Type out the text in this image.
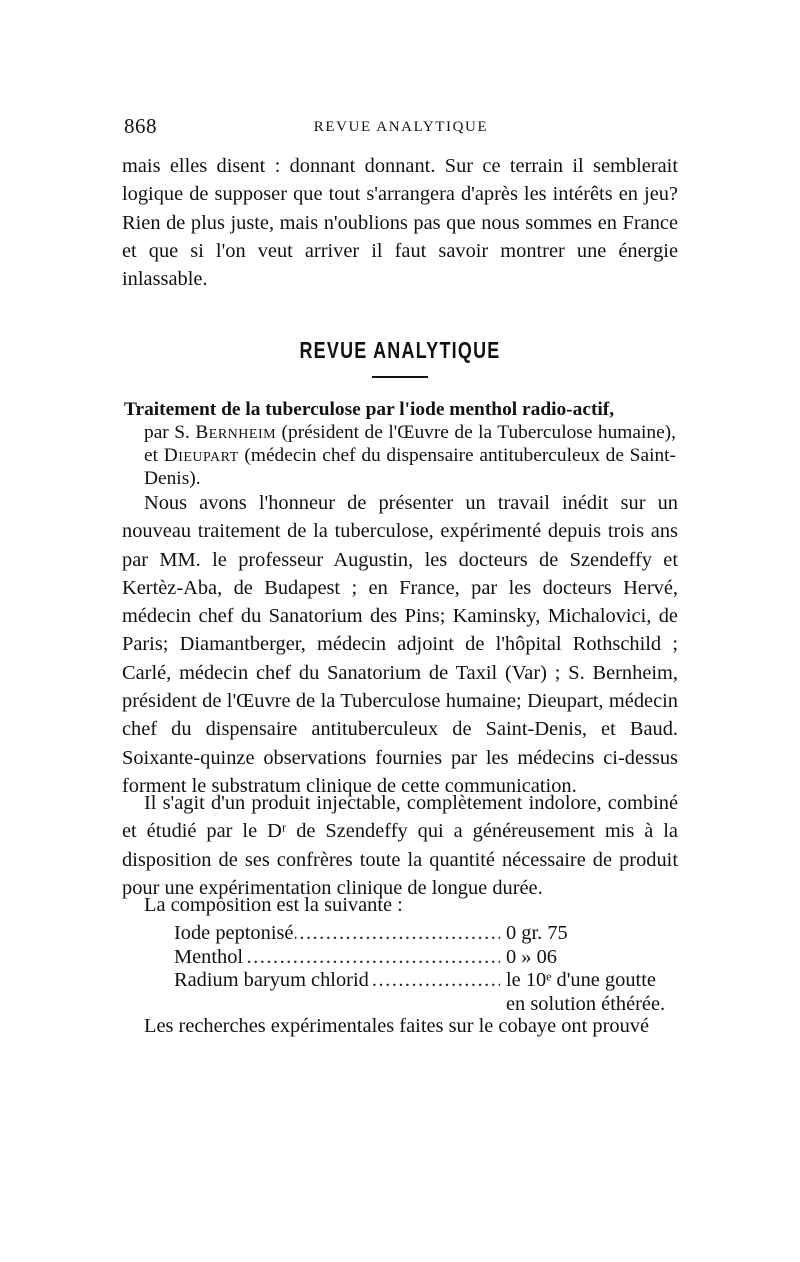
868	REVUE ANALYTIQUE

mais elles disent : donnant donnant. Sur ce terrain il semblerait logique de supposer que tout s'arrangera d'après les intérêts en jeu? Rien de plus juste, mais n'oublions pas que nous sommes en France et que si l'on veut arriver il faut savoir montrer une énergie inlassable.

REVUE ANALYTIQUE

Traitement de la tuberculose par l'iode menthol radio-actif,
par S. Bernheim (président de l'Œuvre de la Tuberculose humaine), et Dieupart (médecin chef du dispensaire antituberculeux de Saint-Denis).

Nous avons l'honneur de présenter un travail inédit sur un nouveau traitement de la tuberculose, expérimenté depuis trois ans par MM. le professeur Augustin, les docteurs de Szendeffy et Kertèz-Aba, de Budapest ; en France, par les docteurs Hervé, médecin chef du Sanatorium des Pins; Kaminsky, Michalovici, de Paris; Diamantberger, médecin adjoint de l'hôpital Rothschild ; Carlé, médecin chef du Sanatorium de Taxil (Var) ; S. Bernheim, président de l'Œuvre de la Tuberculose humaine; Dieupart, médecin chef du dispensaire antituberculeux de Saint-Denis, et Baud. Soixante-quinze observations fournies par les médecins ci-dessus forment le substratum clinique de cette communication.

Il s'agit d'un produit injectable, complètement indolore, combiné et étudié par le Dʳ de Szendeffy qui a généreusement mis à la disposition de ses confrères toute la quantité nécessaire de produit pour une expérimentation clinique de longue durée.

La composition est la suivante :

.....
Iode peptonisé	0 gr. 75
.....
Menthol	0 » 06
.....
Radium baryum chlorid	le 10ᵉ d'une goutte
en solution éthérée.

Les recherches expérimentales faites sur le cobaye ont prouvé
